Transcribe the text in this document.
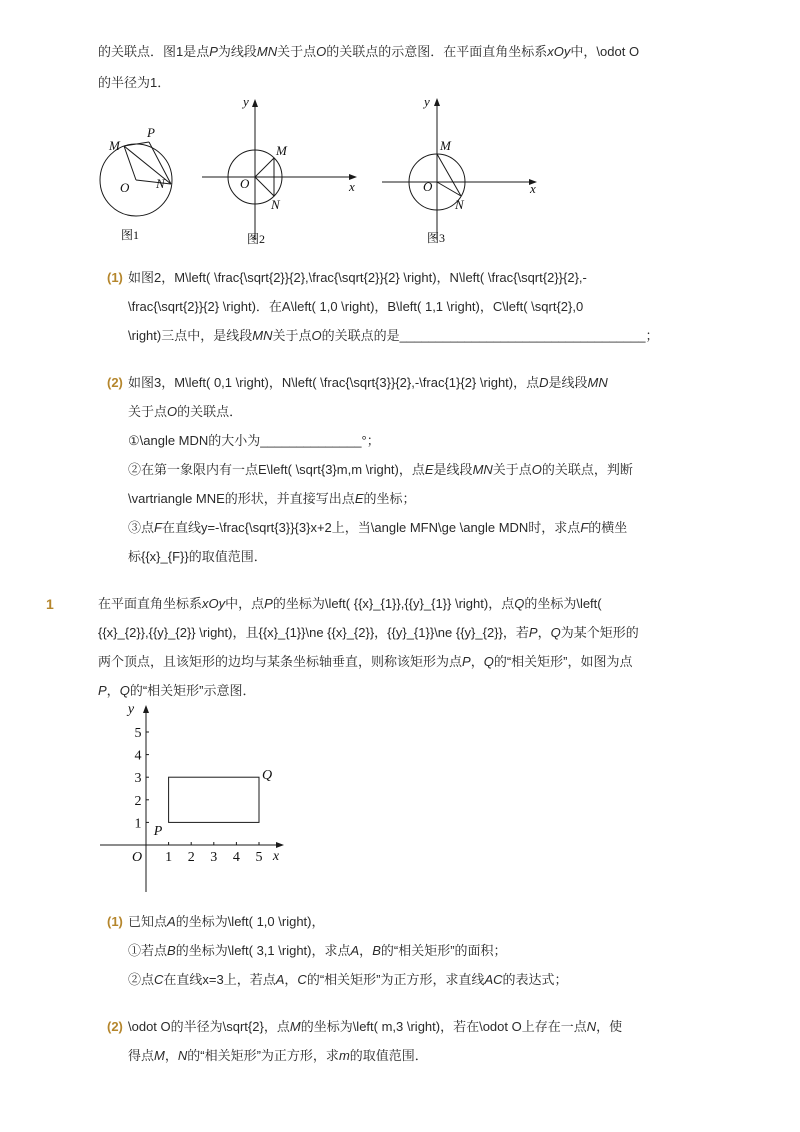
的关联点．图1是点P为线段MN关于点O的关联点的示意图．在平面直角坐标系xOy中，\odot O
的半径为1．
M
P
O N
图1
y
x
M
O
N
图2
y
x
M
O
N
图3
(1) 如图2，M\left( \frac{\sqrt{2}}{2},\frac{\sqrt{2}}{2} \right)，N\left( \frac{\sqrt{2}}{2},-
\frac{\sqrt{2}}{2} \right)．在A\left( 1,0 \right)，B\left( 1,1 \right)，C\left( \sqrt{2},0
\right)三点中，是线段MN关于点O的关联点的是__________________________________；
(2) 如图3，M\left( 0,1 \right)，N\left( \frac{\sqrt{3}}{2},-\frac{1}{2} \right)，点D是线段MN
关于点O的关联点．
①\angle MDN的大小为______________°；
②在第一象限内有一点E\left( \sqrt{3}m,m \right)，点E是线段MN关于点O的关联点，判断
\vartriangle MNE的形状，并直接写出点E的坐标；
③点F在直线y=-\frac{\sqrt{3}}{3}x+2上，当\angle MFN\ge \angle MDN时，求点F的横坐
标{{x}_{F}}的取值范围．
1	在平面直角坐标系xOy中，点P的坐标为\left( {{x}_{1}},{{y}_{1}} \right)，点Q的坐标为\left(
{{x}_{2}},{{y}_{2}} \right)，且{{x}_{1}}\ne {{x}_{2}}，{{y}_{1}}\ne {{y}_{2}}，若P，Q为某个矩形的
两个顶点，且该矩形的边均与某条坐标轴垂直，则称该矩形为点P，Q的“相关矩形”，如图为点
P，Q的“相关矩形”示意图．
1 2 3 4 5
1
2
3
4
5
O	x
y
P
Q
(1) 已知点A的坐标为\left( 1,0 \right)，
①若点B的坐标为\left( 3,1 \right)，求点A，B的“相关矩形”的面积；
②点C在直线x=3上，若点A，C的“相关矩形”为正方形，求直线AC的表达式；
(2) \odot O的半径为\sqrt{2}，点M的坐标为\left( m,3 \right)，若在\odot O上存在一点N，使
得点M，N的“相关矩形”为正方形，求m的取值范围．
